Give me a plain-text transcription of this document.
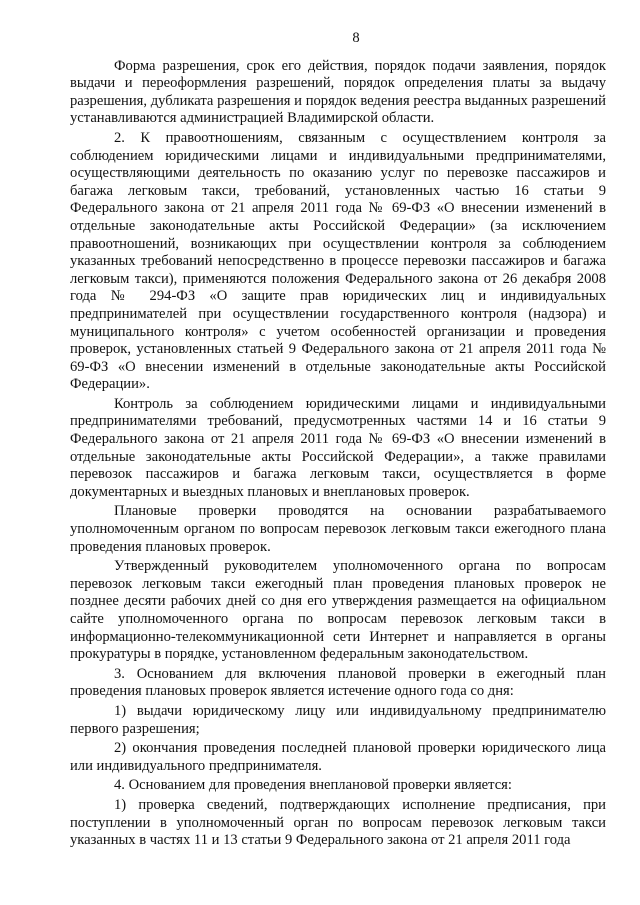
8

Форма разрешения, срок его действия, порядок подачи заявления, порядок выдачи и переоформления разрешений, порядок определения платы за выдачу разрешения, дубликата разрешения и порядок ведения реестра выданных разрешений устанавливаются администрацией Владимирской области.

2. К правоотношениям, связанным с осуществлением контроля за соблюдением юридическими лицами и индивидуальными предпринимателями, осуществляющими деятельность по оказанию услуг по перевозке пассажиров и багажа легковым такси, требований, установленных частью 16 статьи 9 Федерального закона от 21 апреля 2011 года № 69-ФЗ «О внесении изменений в отдельные законодательные акты Российской Федерации» (за исключением правоотношений, возникающих при осуществлении контроля за соблюдением указанных требований непосредственно в процессе перевозки пассажиров и багажа легковым такси), применяются положения Федерального закона от 26 декабря 2008 года № 294-ФЗ «О защите прав юридических лиц и индивидуальных предпринимателей при осуществлении государственного контроля (надзора) и муниципального контроля» с учетом особенностей организации и проведения проверок, установленных статьей 9 Федерального закона от 21 апреля 2011 года № 69-ФЗ «О внесении изменений в отдельные законодательные акты Российской Федерации».

Контроль за соблюдением юридическими лицами и индивидуальными предпринимателями требований, предусмотренных частями 14 и 16 статьи 9 Федерального закона от 21 апреля 2011 года № 69-ФЗ «О внесении изменений в отдельные законодательные акты Российской Федерации», а также правилами перевозок пассажиров и багажа легковым такси, осуществляется в форме документарных и выездных плановых и внеплановых проверок.

Плановые проверки проводятся на основании разрабатываемого уполномоченным органом по вопросам перевозок легковым такси ежегодного плана проведения плановых проверок.

Утвержденный руководителем уполномоченного органа по вопросам перевозок легковым такси ежегодный план проведения плановых проверок не позднее десяти рабочих дней со дня его утверждения размещается на официальном сайте уполномоченного органа по вопросам перевозок легковым такси в информационно-телекоммуникационной сети Интернет и направляется в органы прокуратуры в порядке, установленном федеральным законодательством.

3. Основанием для включения плановой проверки в ежегодный план проведения плановых проверок является истечение одного года со дня:

1) выдачи юридическому лицу или индивидуальному предпринимателю первого разрешения;

2) окончания проведения последней плановой проверки юридического лица или индивидуального предпринимателя.

4. Основанием для проведения внеплановой проверки является:

1) проверка сведений, подтверждающих исполнение предписания, при поступлении в уполномоченный орган по вопросам перевозок легковым такси указанных в частях 11 и 13 статьи 9 Федерального закона от 21 апреля 2011 года
